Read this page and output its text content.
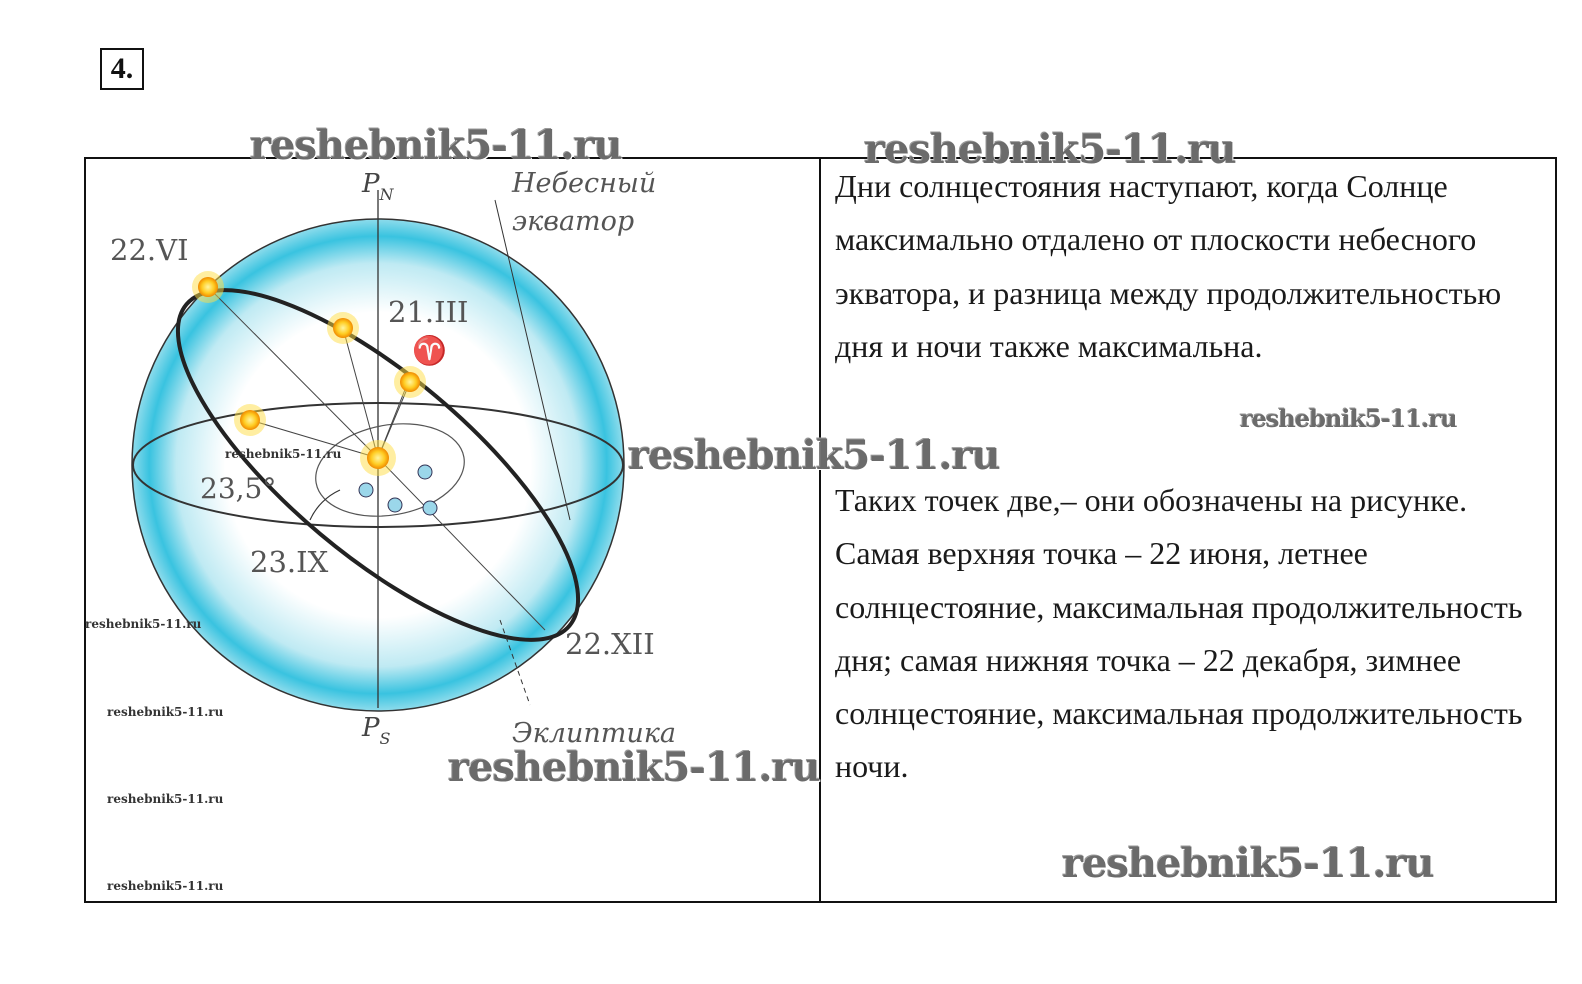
4.
$P_N$
$P_S$
Небесный
экватор
Эклиптика
22.VI
21.III
♈
23,5°
23.IX
22.XII

Дни солнцестояния наступают, когда Солнце максимально отдалено от плоскости небесного экватора, и разница между продолжительностью дня и ночи также максимальна.

Таких точек две,– они обозначены на рисунке.

Самая верхняя точка – 22 июня, летнее солнцестояние, максимальная продолжительность дня; самая нижняя точка – 22 декабря, зимнее солнцестояние, максимальная продолжительность ночи.

reshebnik5-11.ru	reshebnik5-11.ru
reshebnik5-11.ru
reshebnik5-11.ru
reshebnik5-11.ru
reshebnik5-11.ru
reshebnik5-11.ru
reshebnik5-11.ru
reshebnik5-11.ru
reshebnik5-11.ru
reshebnik5-11.ru
